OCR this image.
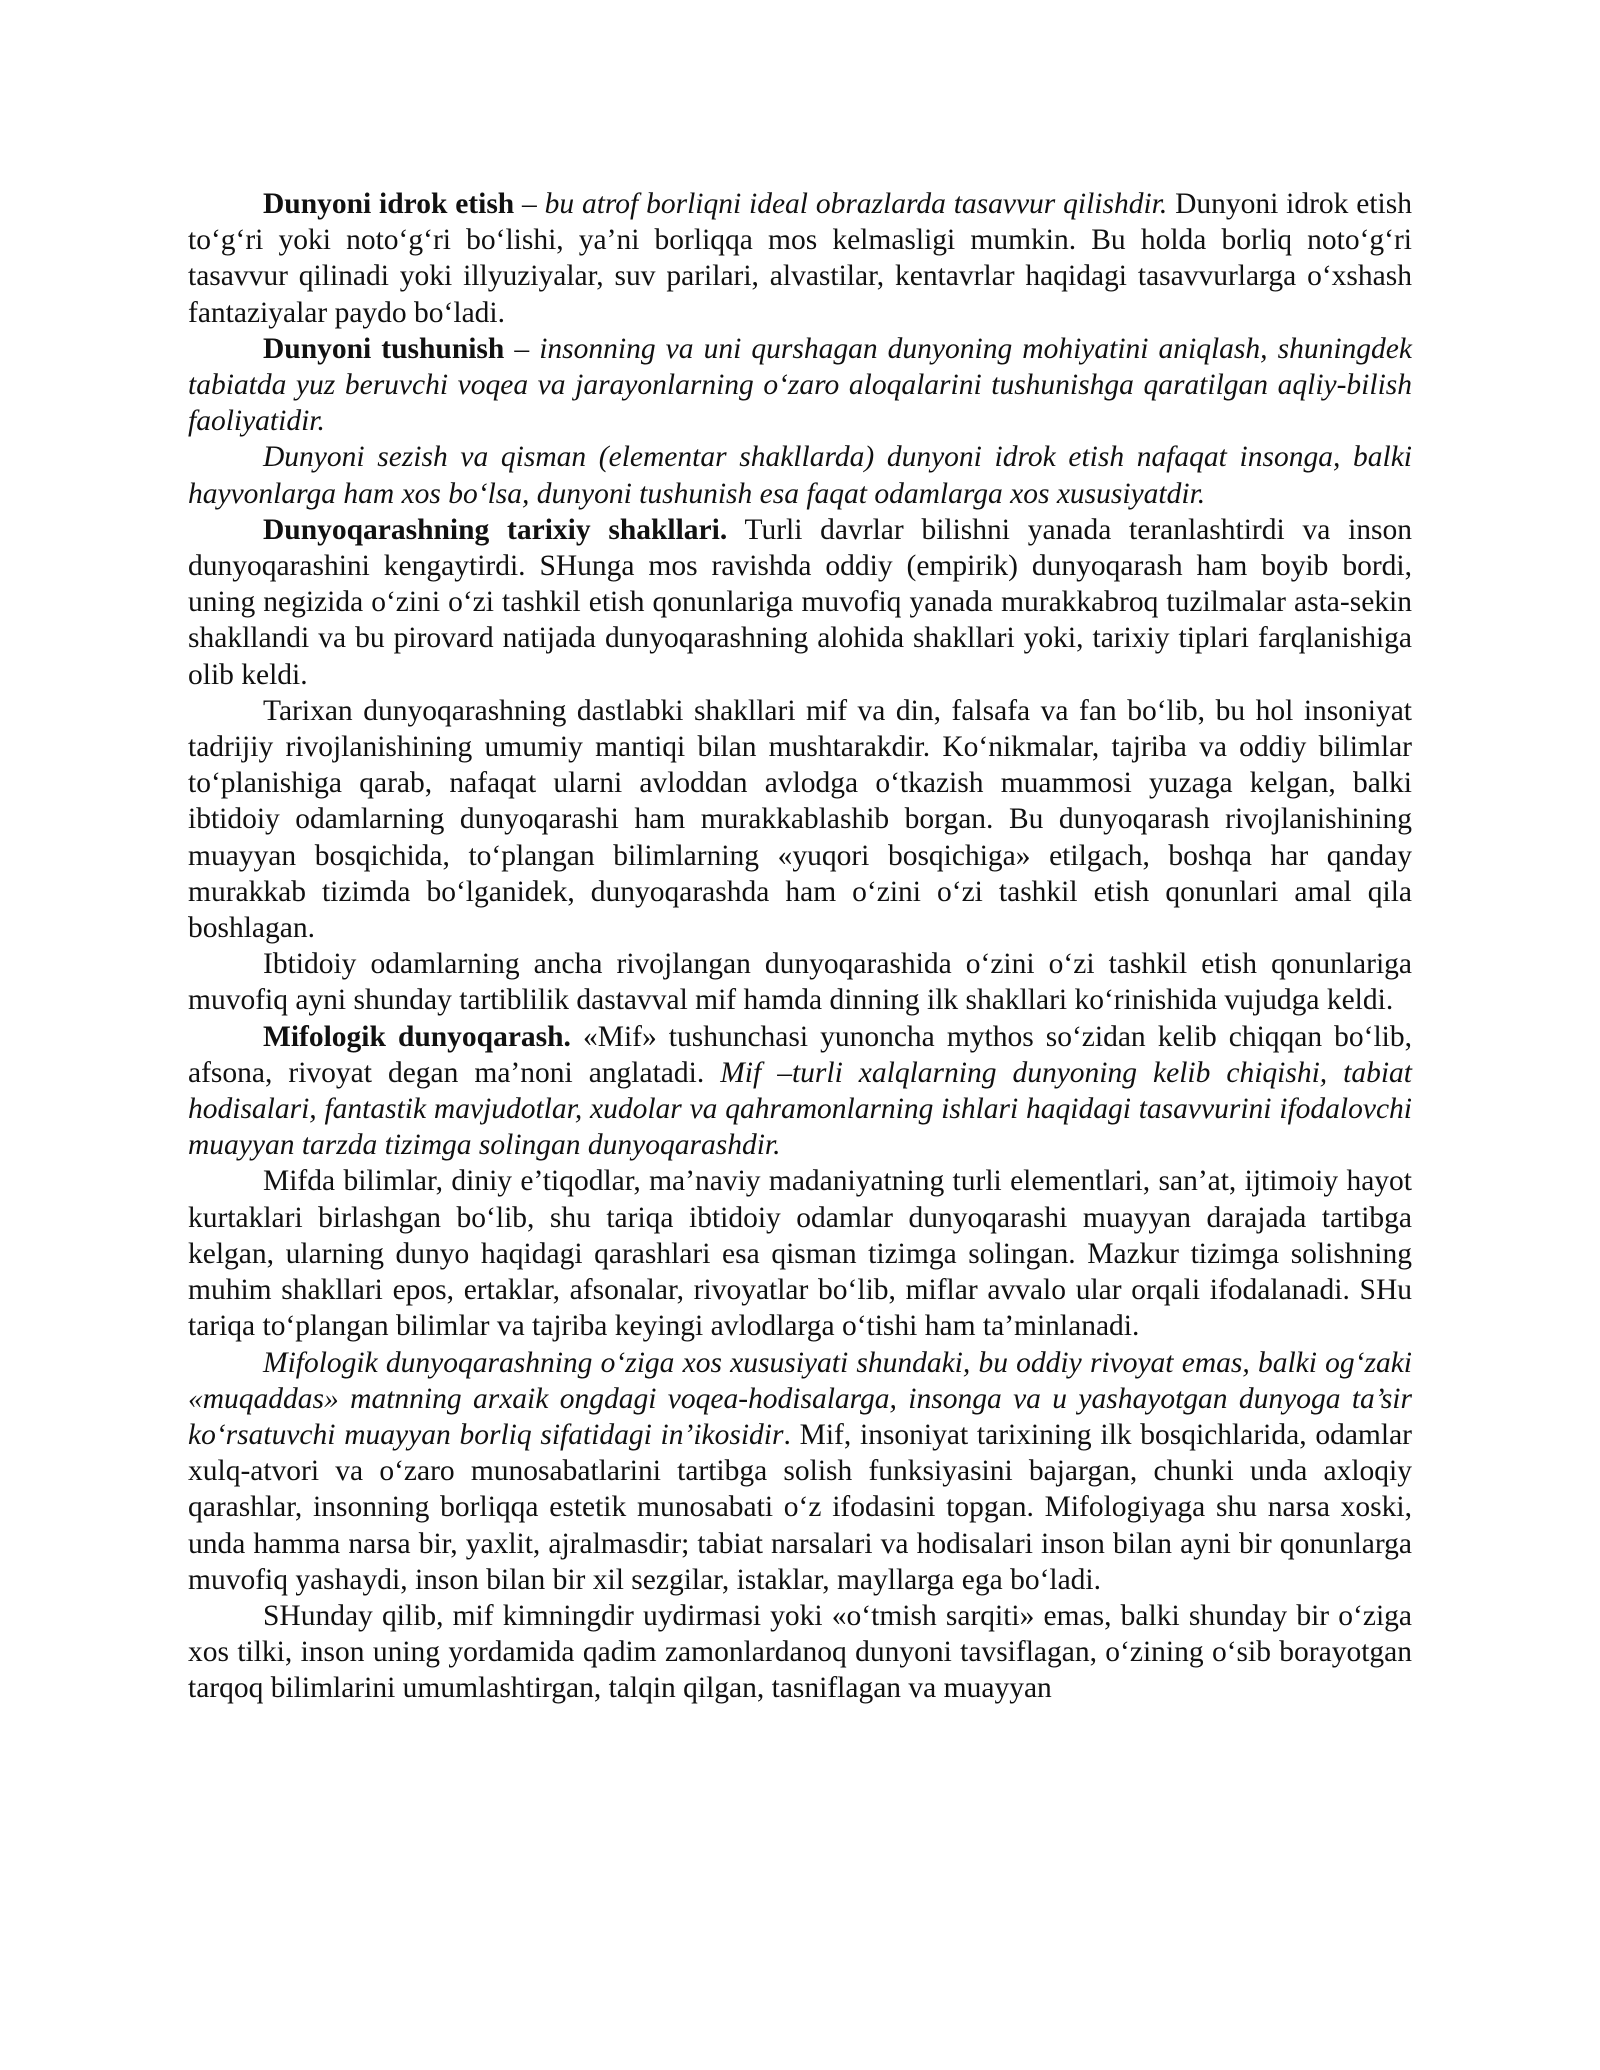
Dunyoni idrok etish – bu atrof borliqni ideal obrazlarda tasavvur qilishdir. Dunyoni idrok etish to‘g‘ri yoki noto‘g‘ri bo‘lishi, ya’ni borliqqa mos kelmasligi mumkin. Bu holda borliq noto‘g‘ri tasavvur qilinadi yoki illyuziyalar, suv parilari, alvastilar, kentavrlar haqidagi tasavvurlarga o‘xshash fantaziyalar paydo bo‘ladi.

Dunyoni tushunish – insonning va uni qurshagan dunyoning mohiyatini aniqlash, shuningdek tabiatda yuz beruvchi voqea va jarayonlarning o‘zaro aloqalarini tushunishga qaratilgan aqliy-bilish faoliyatidir.

Dunyoni sezish va qisman (elementar shakllarda) dunyoni idrok etish nafaqat insonga, balki hayvonlarga ham xos bo‘lsa, dunyoni tushunish esa faqat odamlarga xos xususiyatdir.

Dunyoqarashning tarixiy shakllari. Turli davrlar bilishni yanada teranlashtirdi va inson dunyoqarashini kengaytirdi. SHunga mos ravishda oddiy (empirik) dunyoqarash ham boyib bordi, uning negizida o‘zini o‘zi tashkil etish qonunlariga muvofiq yanada murakkabroq tuzilmalar asta-sekin shakllandi va bu pirovard natijada dunyoqarashning alohida shakllari yoki, tarixiy tiplari farqlanishiga olib keldi.

Tarixan dunyoqarashning dastlabki shakllari mif va din, falsafa va fan bo‘lib, bu hol insoniyat tadrijiy rivojlanishining umumiy mantiqi bilan mushtarakdir. Ko‘nikmalar, tajriba va oddiy bilimlar to‘planishiga qarab, nafaqat ularni avloddan avlodga o‘tkazish muammosi yuzaga kelgan, balki ibtidoiy odamlarning dunyoqarashi ham murakkablashib borgan. Bu dunyoqarash rivojlanishining muayyan bosqichida, to‘plangan bilimlarning «yuqori bosqichiga» etilgach, boshqa har qanday murakkab tizimda bo‘lganidek, dunyoqarashda ham o‘zini o‘zi tashkil etish qonunlari amal qila boshlagan.

Ibtidoiy odamlarning ancha rivojlangan dunyoqarashida o‘zini o‘zi tashkil etish qonunlariga muvofiq ayni shunday tartiblilik dastavval mif hamda dinning ilk shakllari ko‘rinishida vujudga keldi.

Mifologik dunyoqarash. «Mif» tushunchasi yunoncha mythos so‘zidan kelib chiqqan bo‘lib, afsona, rivoyat degan ma’noni anglatadi. Mif –turli xalqlarning dunyoning kelib chiqishi, tabiat hodisalari, fantastik mavjudotlar, xudolar va qahramonlarning ishlari haqidagi tasavvurini ifodalovchi muayyan tarzda tizimga solingan dunyoqarashdir.

Mifda bilimlar, diniy e’tiqodlar, ma’naviy madaniyatning turli elementlari, san’at, ijtimoiy hayot kurtaklari birlashgan bo‘lib, shu tariqa ibtidoiy odamlar dunyoqarashi muayyan darajada tartibga kelgan, ularning dunyo haqidagi qarashlari esa qisman tizimga solingan. Mazkur tizimga solishning muhim shakllari epos, ertaklar, afsonalar, rivoyatlar bo‘lib, miflar avvalo ular orqali ifodalanadi. SHu tariqa to‘plangan bilimlar va tajriba keyingi avlodlarga o‘tishi ham ta’minlanadi.

Mifologik dunyoqarashning o‘ziga xos xususiyati shundaki, bu oddiy rivoyat emas, balki og‘zaki «muqaddas» matnning arxaik ongdagi voqea-hodisalarga, insonga va u yashayotgan dunyoga ta’sir ko‘rsatuvchi muayyan borliq sifatidagi in’ikosidir. Mif, insoniyat tarixining ilk bosqichlarida, odamlar xulq-atvori va o‘zaro munosabatlarini tartibga solish funksiyasini bajargan, chunki unda axloqiy qarashlar, insonning borliqqa estetik munosabati o‘z ifodasini topgan. Mifologiyaga shu narsa xoski, unda hamma narsa bir, yaxlit, ajralmasdir; tabiat narsalari va hodisalari inson bilan ayni bir qonunlarga muvofiq yashaydi, inson bilan bir xil sezgilar, istaklar, mayllarga ega bo‘ladi.

SHunday qilib, mif kimningdir uydirmasi yoki «o‘tmish sarqiti» emas, balki shunday bir o‘ziga xos tilki, inson uning yordamida qadim zamonlardanoq dunyoni tavsiflagan, o‘zining o‘sib borayotgan tarqoq bilimlarini umumlashtirgan, talqin qilgan, tasniflagan va muayyan
